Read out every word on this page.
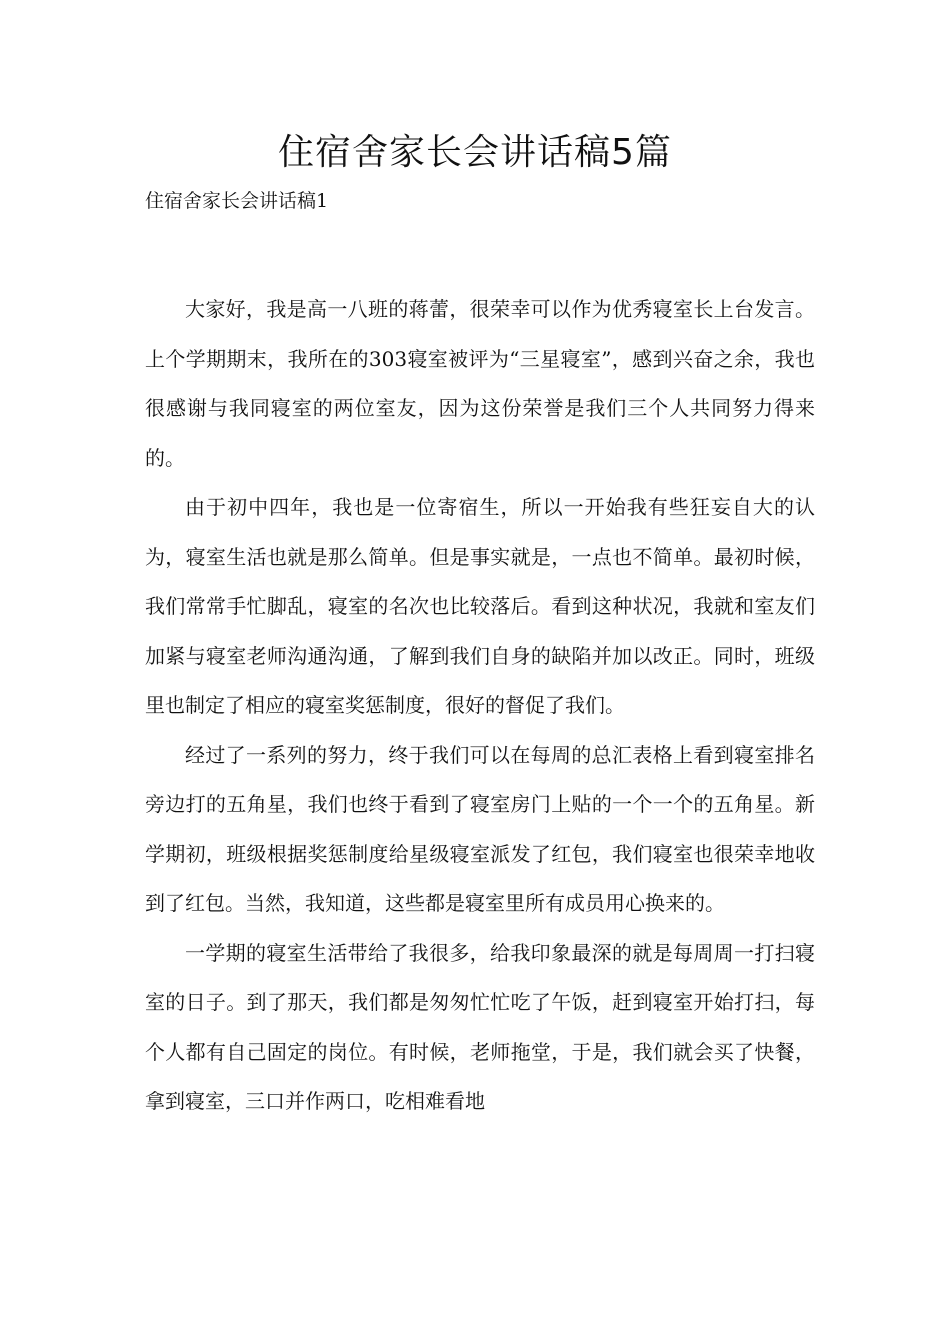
住宿舍家长会讲话稿5篇
住宿舍家长会讲话稿1

大家好，我是高一八班的蒋蕾，很荣幸可以作为优秀寝室长上台发言。上个学期期末，我所在的303寝室被评为“三星寝室”，感到兴奋之余，我也很感谢与我同寝室的两位室友，因为这份荣誉是我们三个人共同努力得来的。

由于初中四年，我也是一位寄宿生，所以一开始我有些狂妄自大的认为，寝室生活也就是那么简单。但是事实就是，一点也不简单。最初时候，我们常常手忙脚乱，寝室的名次也比较落后。看到这种状况，我就和室友们加紧与寝室老师沟通沟通，了解到我们自身的缺陷并加以改正。同时，班级里也制定了相应的寝室奖惩制度，很好的督促了我们。

经过了一系列的努力，终于我们可以在每周的总汇表格上看到寝室排名旁边打的五角星，我们也终于看到了寝室房门上贴的一个一个的五角星。新学期初，班级根据奖惩制度给星级寝室派发了红包，我们寝室也很荣幸地收到了红包。当然，我知道，这些都是寝室里所有成员用心换来的。

一学期的寝室生活带给了我很多，给我印象最深的就是每周周一打扫寝室的日子。到了那天，我们都是匆匆忙忙吃了午饭，赶到寝室开始打扫，每个人都有自己固定的岗位。有时候，老师拖堂，于是，我们就会买了快餐，拿到寝室，三口并作两口，吃相难看地
